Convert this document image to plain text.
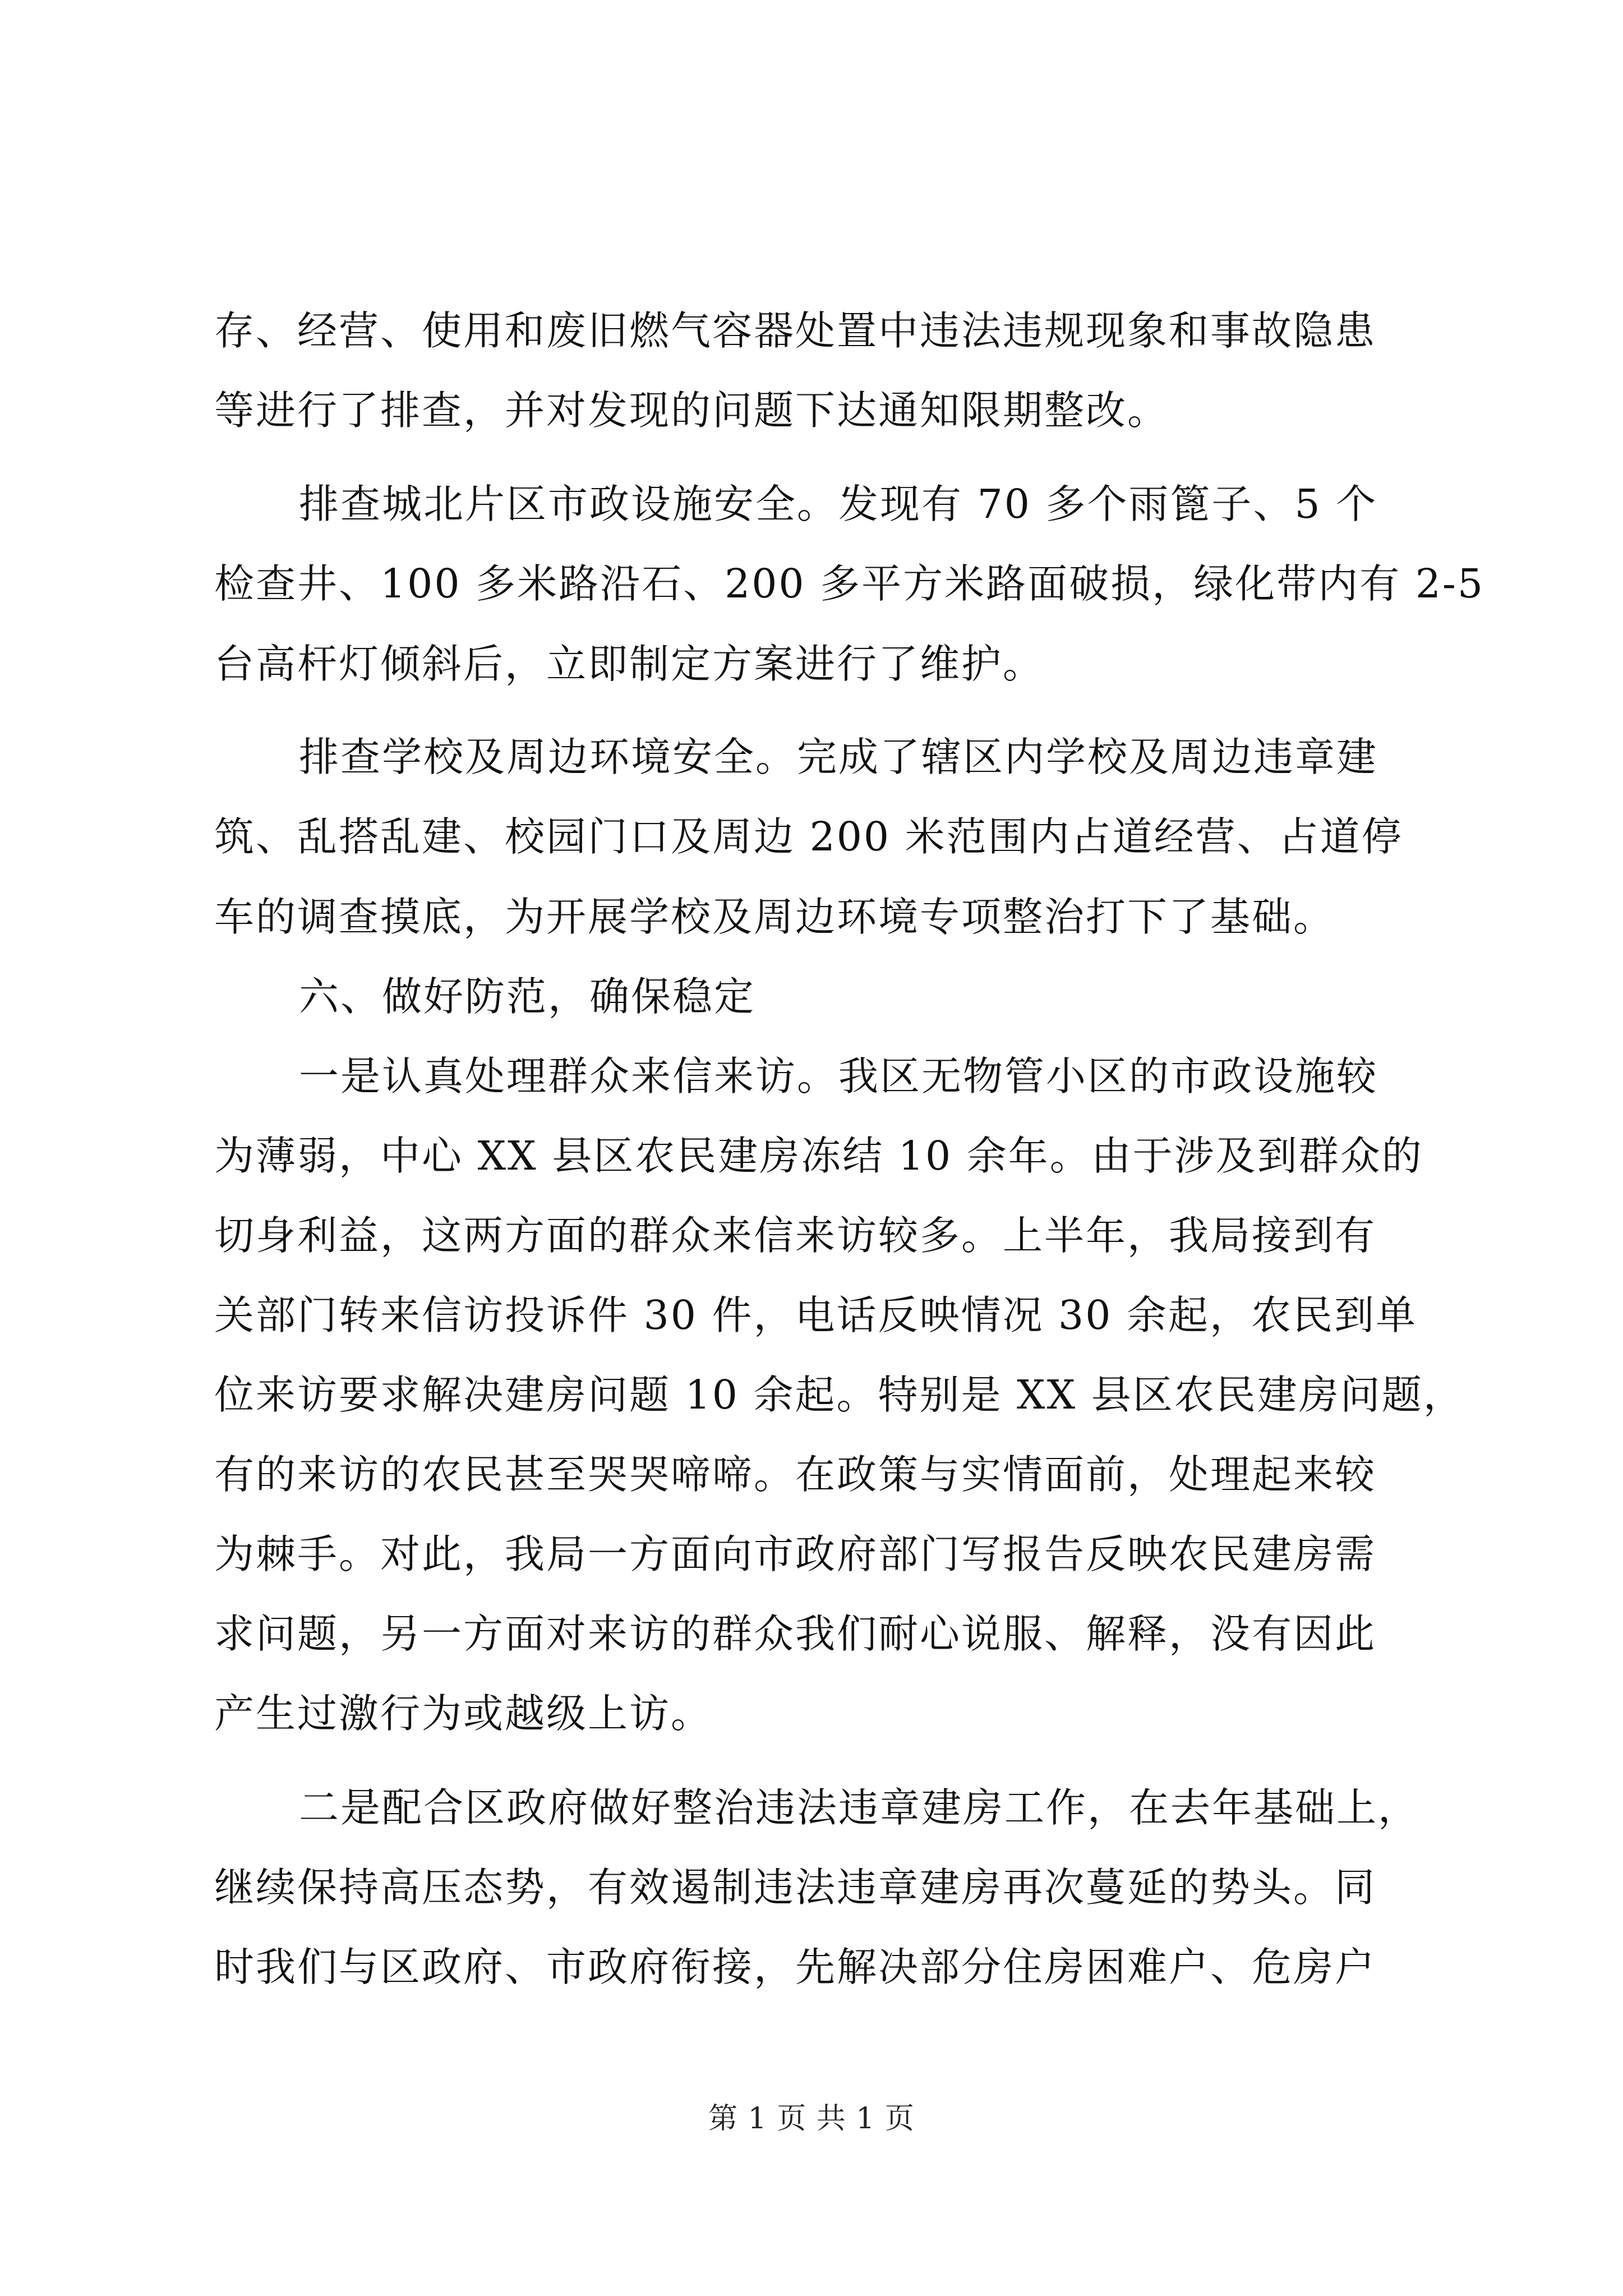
存、经营、使用和废旧燃气容器处置中违法违规现象和事故隐患
等进行了排查，并对发现的问题下达通知限期整改。
排查城北片区市政设施安全。发现有 70 多个雨篦子、5 个
检查井、100 多米路沿石、200 多平方米路面破损，绿化带内有 2-5
台高杆灯倾斜后，立即制定方案进行了维护。
排查学校及周边环境安全。完成了辖区内学校及周边违章建
筑、乱搭乱建、校园门口及周边 200 米范围内占道经营、占道停
车的调查摸底，为开展学校及周边环境专项整治打下了基础。
六、做好防范，确保稳定
一是认真处理群众来信来访。我区无物管小区的市政设施较
为薄弱，中心 XX 县区农民建房冻结 10 余年。由于涉及到群众的
切身利益，这两方面的群众来信来访较多。上半年，我局接到有
关部门转来信访投诉件 30 件，电话反映情况 30 余起，农民到单
位来访要求解决建房问题 10 余起。特别是 XX 县区农民建房问题，
有的来访的农民甚至哭哭啼啼。在政策与实情面前，处理起来较
为棘手。对此，我局一方面向市政府部门写报告反映农民建房需
求问题，另一方面对来访的群众我们耐心说服、解释，没有因此
产生过激行为或越级上访。
二是配合区政府做好整治违法违章建房工作，在去年基础上，
继续保持高压态势，有效遏制违法违章建房再次蔓延的势头。同
时我们与区政府、市政府衔接，先解决部分住房困难户、危房户
第 1 页 共 1 页
